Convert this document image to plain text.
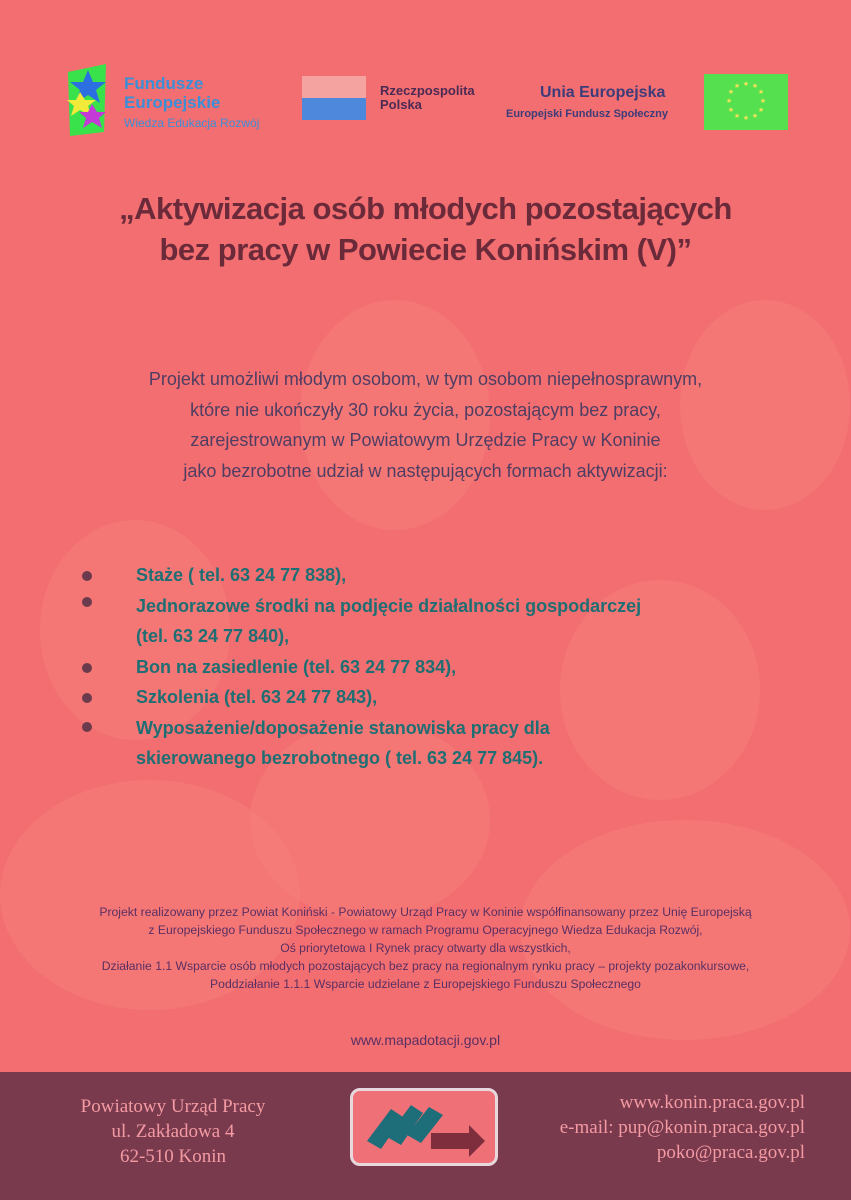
Fundusze
Europejskie
Wiedza Edukacja Rozwój
Rzeczpospolita
Polska
Unia Europejska
Europejski Fundusz Społeczny
★ ★
★
★
★
★
★
★
★
★
★
★
„Aktywizacja osób młodych pozostających
bez pracy w Powiecie Konińskim (V)”
Projekt umożliwi młodym osobom, w tym osobom niepełnosprawnym,
które nie ukończyły 30 roku życia, pozostającym bez pracy,
zarejestrowanym w Powiatowym Urzędzie Pracy w Koninie
jako bezrobotne udział w następujących formach aktywizacji:
Staże ( tel. 63 24 77 838),
Jednorazowe środki na podjęcie działalności gospodarczej
(tel. 63 24 77 840),
Bon na zasiedlenie (tel. 63 24 77 834),
Szkolenia (tel. 63 24 77 843),
Wyposażenie/doposażenie stanowiska pracy dla
skierowanego bezrobotnego ( tel. 63 24 77 845).
Projekt realizowany przez Powiat Koniński - Powiatowy Urząd Pracy w Koninie współfinansowany przez Unię Europejską
z Europejskiego Funduszu Społecznego w ramach Programu Operacyjnego Wiedza Edukacja Rozwój,
Oś priorytetowa I Rynek pracy otwarty dla wszystkich,
Działanie 1.1 Wsparcie osób młodych pozostających bez pracy na regionalnym rynku pracy – projekty pozakonkursowe,
Poddziałanie 1.1.1 Wsparcie udzielane z Europejskiego Funduszu Społecznego
www.mapadotacji.gov.pl
Powiatowy Urząd Pracy
ul. Zakładowa 4
62-510 Konin
www.konin.praca.gov.pl
e-mail: pup@konin.praca.gov.pl
poko@praca.gov.pl
